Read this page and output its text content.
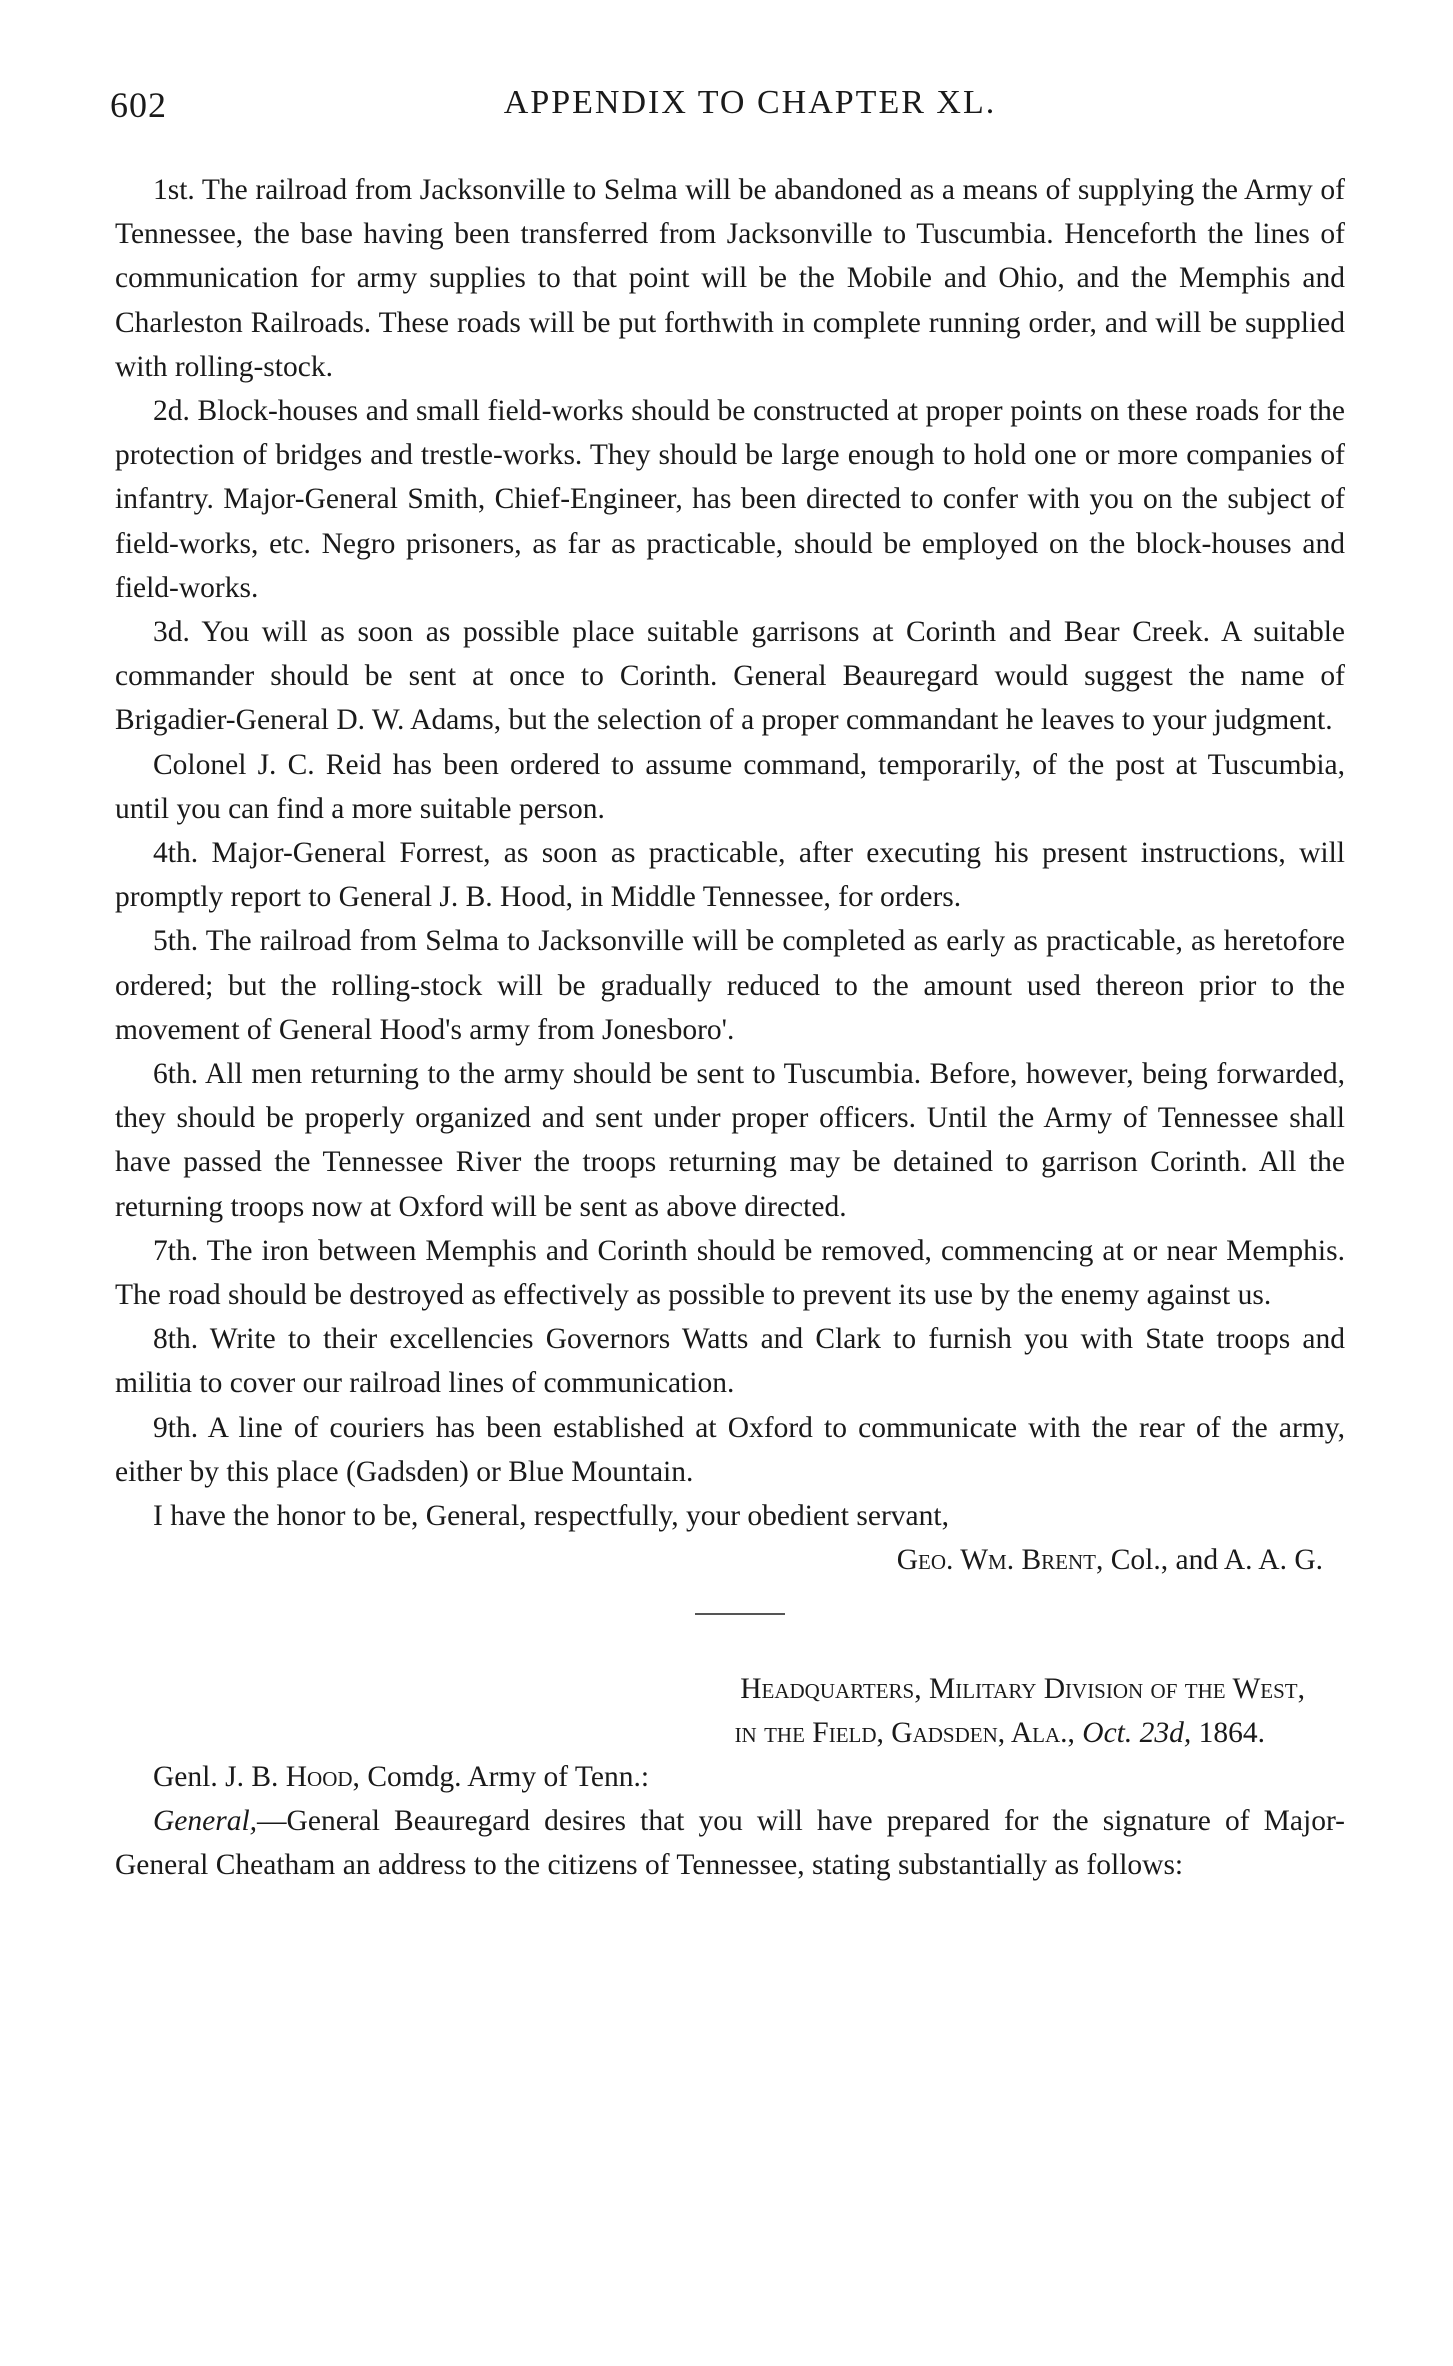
602	APPENDIX TO CHAPTER XL.

1st. The railroad from Jacksonville to Selma will be abandoned as a means of supplying the Army of Tennessee, the base having been transferred from Jacksonville to Tuscumbia. Henceforth the lines of communication for army supplies to that point will be the Mobile and Ohio, and the Memphis and Charleston Railroads. These roads will be put forthwith in complete running order, and will be supplied with rolling-stock.

2d. Block-houses and small field-works should be constructed at proper points on these roads for the protection of bridges and trestle-works. They should be large enough to hold one or more companies of infantry. Major-General Smith, Chief-Engineer, has been directed to confer with you on the subject of field-works, etc. Negro prisoners, as far as practicable, should be employed on the block-houses and field-works.

3d. You will as soon as possible place suitable garrisons at Corinth and Bear Creek. A suitable commander should be sent at once to Corinth. General Beauregard would suggest the name of Brigadier-General D. W. Adams, but the selection of a proper commandant he leaves to your judgment.

Colonel J. C. Reid has been ordered to assume command, temporarily, of the post at Tuscumbia, until you can find a more suitable person.

4th. Major-General Forrest, as soon as practicable, after executing his present instructions, will promptly report to General J. B. Hood, in Middle Tennessee, for orders.

5th. The railroad from Selma to Jacksonville will be completed as early as practicable, as heretofore ordered; but the rolling-stock will be gradually reduced to the amount used thereon prior to the movement of General Hood's army from Jonesboro'.

6th. All men returning to the army should be sent to Tuscumbia. Before, however, being forwarded, they should be properly organized and sent under proper officers. Until the Army of Tennessee shall have passed the Tennessee River the troops returning may be detained to garrison Corinth. All the returning troops now at Oxford will be sent as above directed.

7th. The iron between Memphis and Corinth should be removed, commencing at or near Memphis. The road should be destroyed as effectively as possible to prevent its use by the enemy against us.

8th. Write to their excellencies Governors Watts and Clark to furnish you with State troops and militia to cover our railroad lines of communication.

9th. A line of couriers has been established at Oxford to communicate with the rear of the army, either by this place (Gadsden) or Blue Mountain.

I have the honor to be, General, respectfully, your obedient servant,

Geo. Wm. Brent, Col., and A. A. G.

Headquarters, Military Division of the West,

in the Field, Gadsden, Ala., Oct. 23d, 1864.

Genl. J. B. Hood, Comdg. Army of Tenn.:

General,—General Beauregard desires that you will have prepared for the signature of Major-General Cheatham an address to the citizens of Tennessee, stating substantially as follows:
